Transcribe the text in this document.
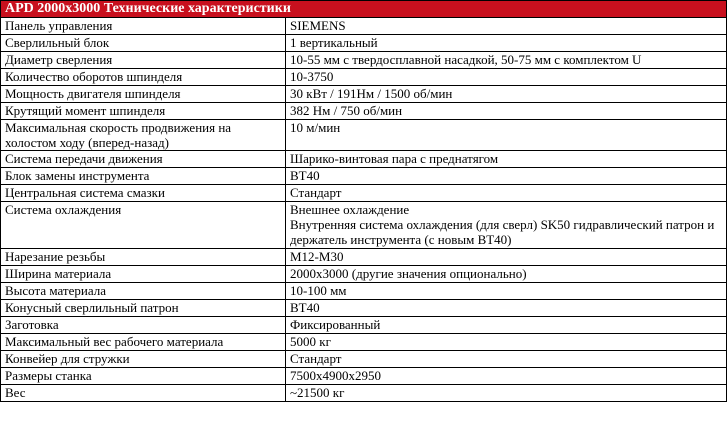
APD 2000x3000 Технические характеристики	
Панель управления	SIEMENS

Сверлильный блок	1 вертикальный

Диаметр сверления	10-55 мм с твердосплавной насадкой, 50-75 мм с комплектом U

Количество оборотов шпинделя	10-3750

Мощность двигателя шпинделя	30 кВт / 191Нм / 1500 об/мин

Крутящий момент шпинделя	382 Нм / 750 об/мин

Максимальная скорость продвижения на холостом ходу (вперед-назад)	10 м/мин

Система передачи движения	Шарико-винтовая пара с преднатягом

Блок замены инструмента	BT40

Центральная система смазки	Стандарт

Система охлаждения	Внешнее охлаждение
Внутренняя система охлаждения (для сверл) SK50 гидравлический патрон и держатель инструмента (с новым BT40)

Нарезание резьбы	M12-M30

Ширина материала	2000x3000 (другие значения опционально)

Высота материала	10-100 мм

Конусный сверлильный патрон	BT40

Заготовка	Фиксированный

Максимальный вес рабочего материала	5000 кг

Конвейер для стружки	Стандарт

Размеры станка	7500x4900x2950

Вес	~21500 кг
